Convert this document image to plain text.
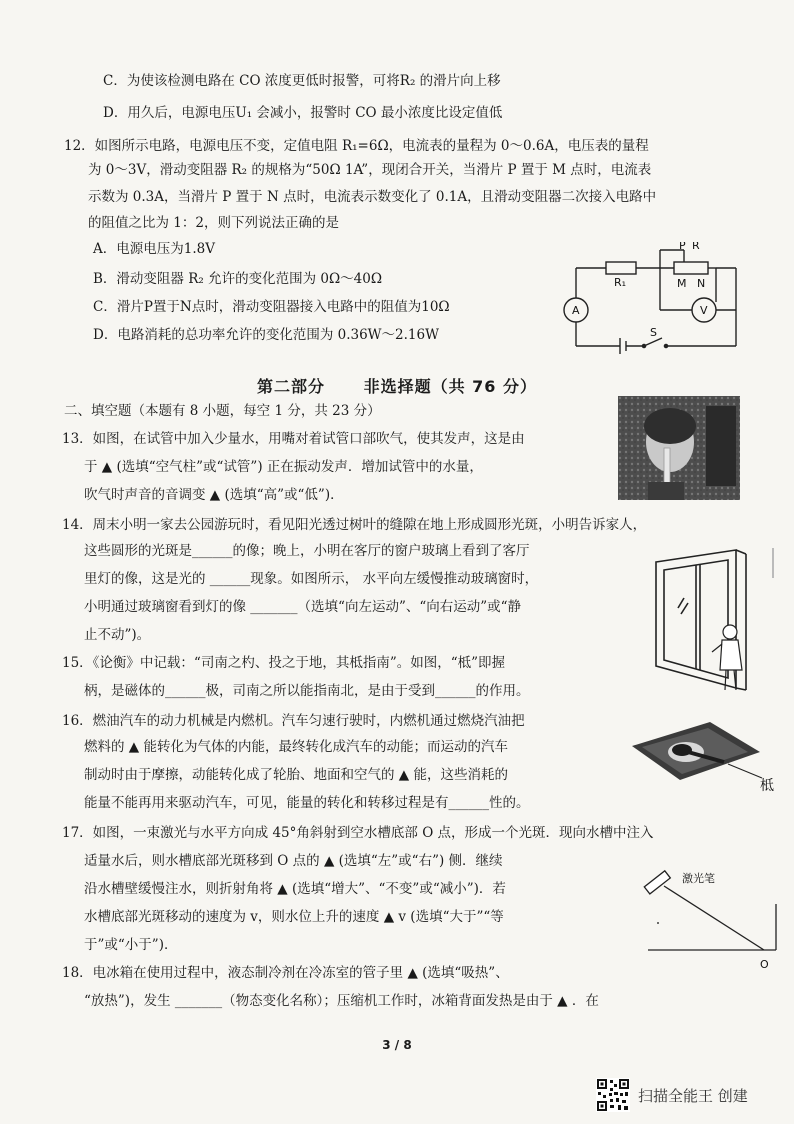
C．为使该检测电路在 CO 浓度更低时报警，可将R₂ 的滑片向上移
D．用久后，电源电压U₁ 会减小，报警时 CO 最小浓度比设定值低
12．如图所示电路，电源电压不变，定值电阻 R₁=6Ω，电流表的量程为 0～0.6A，电压表的量程
为 0～3V，滑动变阻器 R₂ 的规格为“50Ω 1A”，现闭合开关，当滑片 P 置于 M 点时，电流表
示数为 0.3A，当滑片 P 置于 N 点时，电流表示数变化了 0.1A，且滑动变阻器二次接入电路中
的阻值之比为 1：2，则下列说法正确的是
A．电源电压为1.8V
B．滑动变阻器 R₂ 允许的变化范围为 0Ω～40Ω
C．滑片P置于N点时，滑动变阻器接入电路中的阻值为10Ω
D．电路消耗的总功率允许的变化范围为 0.36W～2.16W
第二部分 非选择题（共 76 分）
二、填空题（本题有 8 小题，每空 1 分，共 23 分）
13．如图，在试管中加入少量水，用嘴对着试管口部吹气，使其发声，这是由
于 ▲ (选填“空气柱”或“试管”) 正在振动发声．增加试管中的水量，
吹气时声音的音调变 ▲ (选填“高”或“低”)．
14．周末小明一家去公园游玩时，看见阳光透过树叶的缝隙在地上形成圆形光斑，小明告诉家人，
这些圆形的光斑是______的像；晚上，小明在客厅的窗户玻璃上看到了客厅
里灯的像，这是光的 ______现象。如图所示， 水平向左缓慢推动玻璃窗时，
小明通过玻璃窗看到灯的像 _______（选填“向左运动”、“向右运动”或“静
止不动”)。
15．《论衡》中记载：“司南之杓、投之于地，其柢指南”。如图，“柢”即握
柄，是磁体的______极，司南之所以能指南北，是由于受到______的作用。
16．燃油汽车的动力机械是内燃机。汽车匀速行驶时，内燃机通过燃烧汽油把
燃料的 ▲ 能转化为气体的内能，最终转化成汽车的动能；而运动的汽车
制动时由于摩擦，动能转化成了轮胎、地面和空气的 ▲ 能，这些消耗的
能量不能再用来驱动汽车，可见，能量的转化和转移过程是有______性的。
17．如图，一束激光与水平方向成 45°角斜射到空水槽底部 O 点，形成一个光斑．现向水槽中注入
适量水后，则水槽底部光斑移到 O 点的 ▲ (选填“左”或“右”) 侧．继续
沿水槽壁缓慢注水，则折射角将 ▲ (选填“增大”、“不变”或“减小”)．若
水槽底部光斑移动的速度为 v，则水位上升的速度 ▲ v (选填“大于”“等
于”或“小于”)．
18．电冰箱在使用过程中，液态制冷剂在冷冻室的管子里 ▲ (选填“吸热”、
“放热”)，发生 _______（物态变化名称）；压缩机工作时，冰箱背面发热是由于 ▲ ．在
P R
M N
R₁
A	V
S
柢
激光笔
O
3 / 8
扫描全能王 创建
